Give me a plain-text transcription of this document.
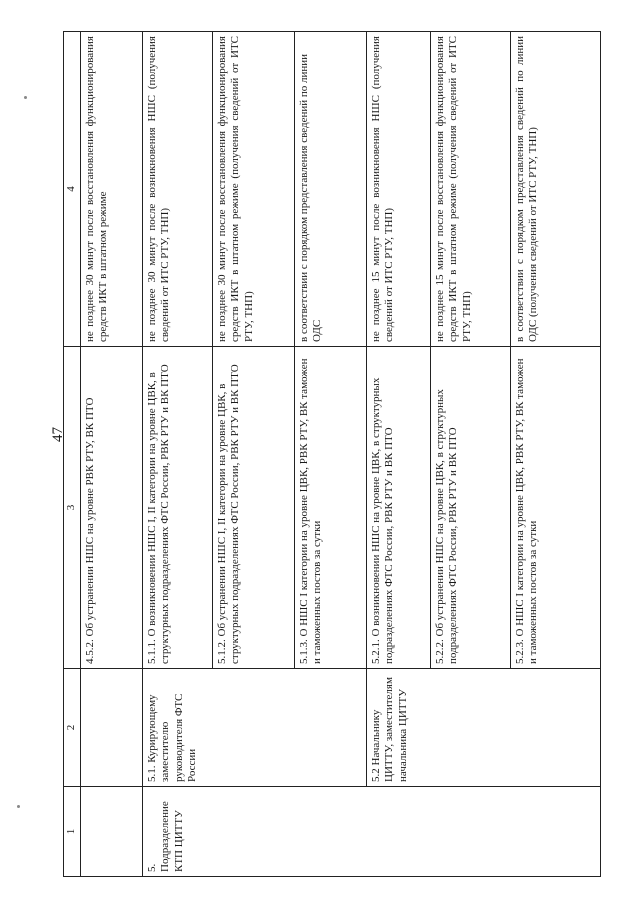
47
1	2	3	4
		4.5.2. Об устранении НШС на уровне РВК РТУ, ВК ПТО	не позднее 30 минут после восстановления функционирования средств ИКТ в штатном режиме
5. Подразделение КТП ЦИТТУ	5.1. Курирующему заместителю руководителя ФТС России	5.1.1. О возникновении НШС I, II категории на уровне ЦВК, в структурных подразделениях ФТС России, РВК РТУ и ВК ПТО	не позднее 30 минут после возникновения НШС (получения сведений от ИТС РТУ, ТНП)
		5.1.2. Об устранении НШС I, II категории на уровне ЦВК, в структурных подразделениях ФТС России, РВК РТУ и ВК ПТО	не позднее 30 минут после восстановления функционирования средств ИКТ в штатном режиме (получения сведений от ИТС РТУ, ТНП)
		5.1.3. О НШС I категории на уровне ЦВК, РВК РТУ, ВК таможен и таможенных постов за сутки	в соответствии с порядком представления сведений по линии ОДС
	5.2 Начальнику ЦИТТУ, заместителям начальника ЦИТТУ	5.2.1. О возникновении НШС на уровне ЦВК, в структурных подразделениях ФТС России, РВК РТУ и ВК ПТО	не позднее 15 минут после возникновения НШС (получения сведений от ИТС РТУ, ТНП)
		5.2.2. Об устранении НШС на уровне ЦВК, в структурных подразделениях ФТС России, РВК РТУ и ВК ПТО	не позднее 15 минут после восстановления функционирования средств ИКТ в штатном режиме (получения сведений от ИТС РТУ, ТНП)
		5.2.3. О НШС I категории на уровне ЦВК, РВК РТУ, ВК таможен и таможенных постов за сутки	в соответствии с порядком представления сведений по линии ОДС (получения сведений от ИТС РТУ, ТНП)
